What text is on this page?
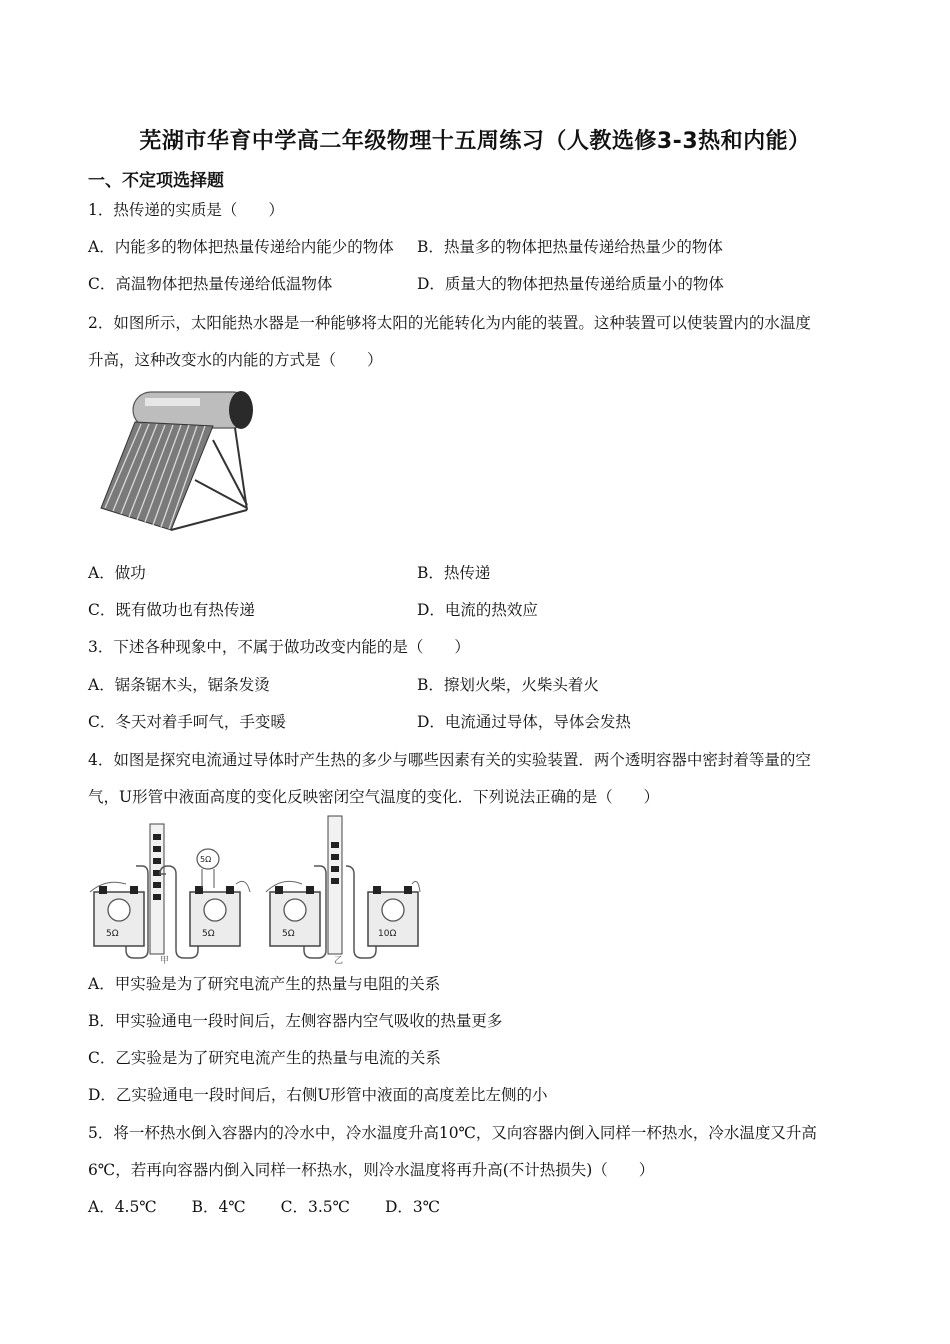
芜湖市华育中学高二年级物理十五周练习（人教选修3-3热和内能）
一、不定项选择题
1．热传递的实质是（　　）
A．内能多的物体把热量传递给内能少的物体 B．热量多的物体把热量传递给热量少的物体
C．高温物体把热量传递给低温物体	D．质量大的物体把热量传递给质量小的物体
2．如图所示，太阳能热水器是一种能够将太阳的光能转化为内能的装置。这种装置可以使装置内的水温度
升高，这种改变水的内能的方式是（　　）
A．做功	B．热传递
C．既有做功也有热传递	D．电流的热效应
3．下述各种现象中，不属于做功改变内能的是（　　）
A．锯条锯木头，锯条发烫	B．擦划火柴，火柴头着火
C．冬天对着手呵气，手变暖	D．电流通过导体，导体会发热
4．如图是探究电流通过导体时产生热的多少与哪些因素有关的实验装置．两个透明容器中密封着等量的空
气，U形管中液面高度的变化反映密闭空气温度的变化．下列说法正确的是（　　）
5Ω
5Ω
5Ω
甲
5Ω	10Ω
乙
A．甲实验是为了研究电流产生的热量与电阻的关系
B．甲实验通电一段时间后，左侧容器内空气吸收的热量更多
C．乙实验是为了研究电流产生的热量与电流的关系
D．乙实验通电一段时间后，右侧U形管中液面的高度差比左侧的小
5．将一杯热水倒入容器内的冷水中，冷水温度升高10℃，又向容器内倒入同样一杯热水，冷水温度又升高
6℃，若再向容器内倒入同样一杯热水，则冷水温度将再升高(不计热损失)（　　）
A．4.5℃ B．4℃ C．3.5℃ D．3℃
